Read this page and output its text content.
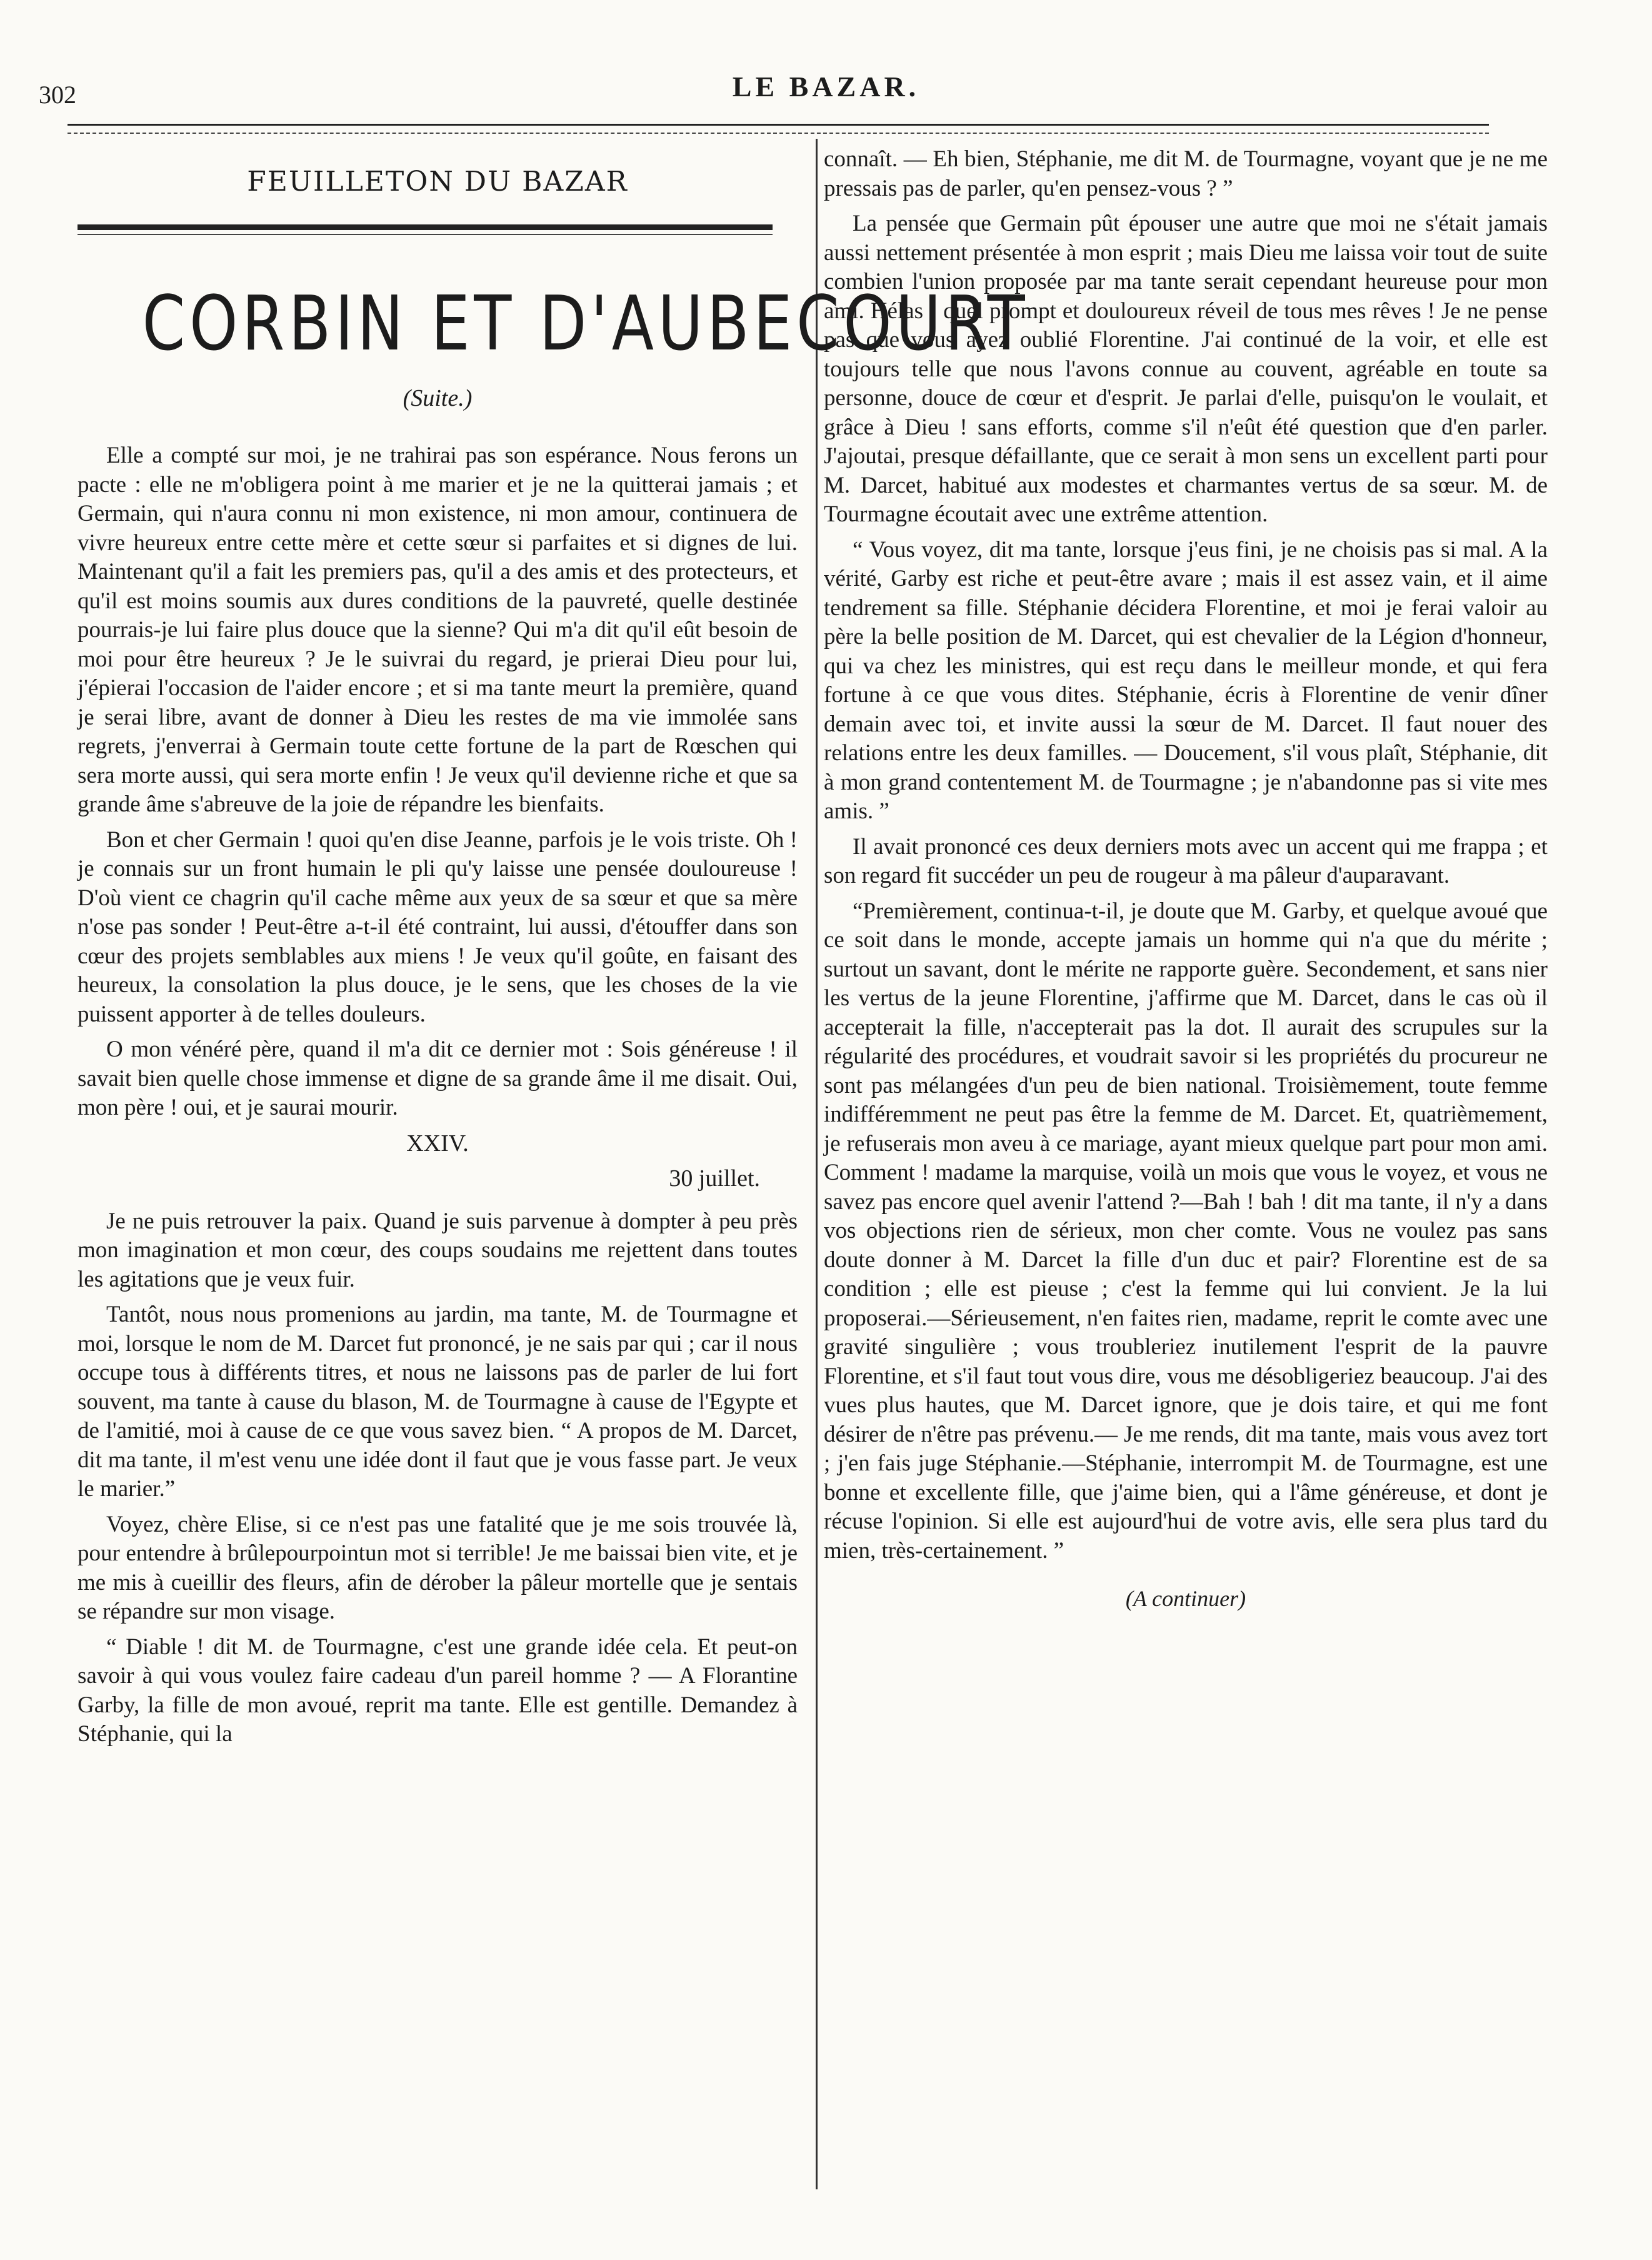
302	LE BAZAR.
FEUILLETON DU BAZAR
CORBIN ET D'AUBECOURT
(Suite.)

Elle a compté sur moi, je ne trahirai pas son espérance. Nous ferons un pacte : elle ne m'obligera point à me marier et je ne la quitterai jamais ; et Germain, qui n'aura connu ni mon existence, ni mon amour, continuera de vivre heureux entre cette mère et cette sœur si parfaites et si dignes de lui. Maintenant qu'il a fait les premiers pas, qu'il a des amis et des protecteurs, et qu'il est moins soumis aux dures conditions de la pauvreté, quelle destinée pourrais-je lui faire plus douce que la sienne? Qui m'a dit qu'il eût besoin de moi pour être heureux ? Je le suivrai du regard, je prierai Dieu pour lui, j'épierai l'occasion de l'aider encore ; et si ma tante meurt la première, quand je serai libre, avant de donner à Dieu les restes de ma vie immolée sans regrets, j'enverrai à Germain toute cette fortune de la part de Rœschen qui sera morte aussi, qui sera morte enfin ! Je veux qu'il devienne riche et que sa grande âme s'abreuve de la joie de répandre les bienfaits.

Bon et cher Germain ! quoi qu'en dise Jeanne, parfois je le vois triste. Oh ! je connais sur un front humain le pli qu'y laisse une pensée douloureuse ! D'où vient ce chagrin qu'il cache même aux yeux de sa sœur et que sa mère n'ose pas sonder ! Peut-être a-t-il été contraint, lui aussi, d'étouffer dans son cœur des projets semblables aux miens ! Je veux qu'il goûte, en faisant des heureux, la consolation la plus douce, je le sens, que les choses de la vie puissent apporter à de telles douleurs.

O mon vénéré père, quand il m'a dit ce dernier mot : Sois généreuse ! il savait bien quelle chose immense et digne de sa grande âme il me disait. Oui, mon père ! oui, et je saurai mourir.

XXIV.

30 juillet.

Je ne puis retrouver la paix. Quand je suis parvenue à dompter à peu près mon imagination et mon cœur, des coups soudains me rejettent dans toutes les agitations que je veux fuir.

Tantôt, nous nous promenions au jardin, ma tante, M. de Tourmagne et moi, lorsque le nom de M. Darcet fut prononcé, je ne sais par qui ; car il nous occupe tous à différents titres, et nous ne laissons pas de parler de lui fort souvent, ma tante à cause du blason, M. de Tourmagne à cause de l'Egypte et de l'amitié, moi à cause de ce que vous savez bien. “ A propos de M. Darcet, dit ma tante, il m'est venu une idée dont il faut que je vous fasse part. Je veux le marier.”

Voyez, chère Elise, si ce n'est pas une fatalité que je me sois trouvée là, pour entendre à brûlepourpointun mot si terrible! Je me baissai bien vite, et je me mis à cueillir des fleurs, afin de dérober la pâleur mortelle que je sentais se répandre sur mon visage.

“ Diable ! dit M. de Tourmagne, c'est une grande idée cela. Et peut-on savoir à qui vous voulez faire cadeau d'un pareil homme ? — A Florantine Garby, la fille de mon avoué, reprit ma tante. Elle est gentille. Demandez à Stéphanie, qui la

connaît. — Eh bien, Stéphanie, me dit M. de Tourmagne, voyant que je ne me pressais pas de parler, qu'en pensez-vous ? ”

La pensée que Germain pût épouser une autre que moi ne s'était jamais aussi nettement présentée à mon esprit ; mais Dieu me laissa voir tout de suite combien l'union proposée par ma tante serait cependant heureuse pour mon ami. Hélas ! quel prompt et douloureux réveil de tous mes rêves ! Je ne pense pas que vous ayez oublié Florentine. J'ai continué de la voir, et elle est toujours telle que nous l'avons connue au couvent, agréable en toute sa personne, douce de cœur et d'esprit. Je parlai d'elle, puisqu'on le voulait, et grâce à Dieu ! sans efforts, comme s'il n'eût été question que d'en parler. J'ajoutai, presque défaillante, que ce serait à mon sens un excellent parti pour M. Darcet, habitué aux modestes et charmantes vertus de sa sœur. M. de Tourmagne écoutait avec une extrême attention.

“ Vous voyez, dit ma tante, lorsque j'eus fini, je ne choisis pas si mal. A la vérité, Garby est riche et peut-être avare ; mais il est assez vain, et il aime tendrement sa fille. Stéphanie décidera Florentine, et moi je ferai valoir au père la belle position de M. Darcet, qui est chevalier de la Légion d'honneur, qui va chez les ministres, qui est reçu dans le meilleur monde, et qui fera fortune à ce que vous dites. Stéphanie, écris à Florentine de venir dîner demain avec toi, et invite aussi la sœur de M. Darcet. Il faut nouer des relations entre les deux familles. — Doucement, s'il vous plaît, Stéphanie, dit à mon grand contentement M. de Tourmagne ; je n'abandonne pas si vite mes amis. ”

Il avait prononcé ces deux derniers mots avec un accent qui me frappa ; et son regard fit succéder un peu de rougeur à ma pâleur d'auparavant.

“Premièrement, continua-t-il, je doute que M. Garby, et quelque avoué que ce soit dans le monde, accepte jamais un homme qui n'a que du mérite ; surtout un savant, dont le mérite ne rapporte guère. Secondement, et sans nier les vertus de la jeune Florentine, j'affirme que M. Darcet, dans le cas où il accepterait la fille, n'accepterait pas la dot. Il aurait des scrupules sur la régularité des procédures, et voudrait savoir si les propriétés du procureur ne sont pas mélangées d'un peu de bien national. Troisièmement, toute femme indifféremment ne peut pas être la femme de M. Darcet. Et, quatrièmement, je refuserais mon aveu à ce mariage, ayant mieux quelque part pour mon ami. Comment ! madame la marquise, voilà un mois que vous le voyez, et vous ne savez pas encore quel avenir l'attend ?—Bah ! bah ! dit ma tante, il n'y a dans vos objections rien de sérieux, mon cher comte. Vous ne voulez pas sans doute donner à M. Darcet la fille d'un duc et pair? Florentine est de sa condition ; elle est pieuse ; c'est la femme qui lui convient. Je la lui proposerai.—Sérieusement, n'en faites rien, madame, reprit le comte avec une gravité singulière ; vous troubleriez inutilement l'esprit de la pauvre Florentine, et s'il faut tout vous dire, vous me désobligeriez beaucoup. J'ai des vues plus hautes, que M. Darcet ignore, que je dois taire, et qui me font désirer de n'être pas prévenu.— Je me rends, dit ma tante, mais vous avez tort ; j'en fais juge Stéphanie.—Stéphanie, interrompit M. de Tourmagne, est une bonne et excellente fille, que j'aime bien, qui a l'âme généreuse, et dont je récuse l'opinion. Si elle est aujourd'hui de votre avis, elle sera plus tard du mien, très-certainement. ”

(A continuer)
